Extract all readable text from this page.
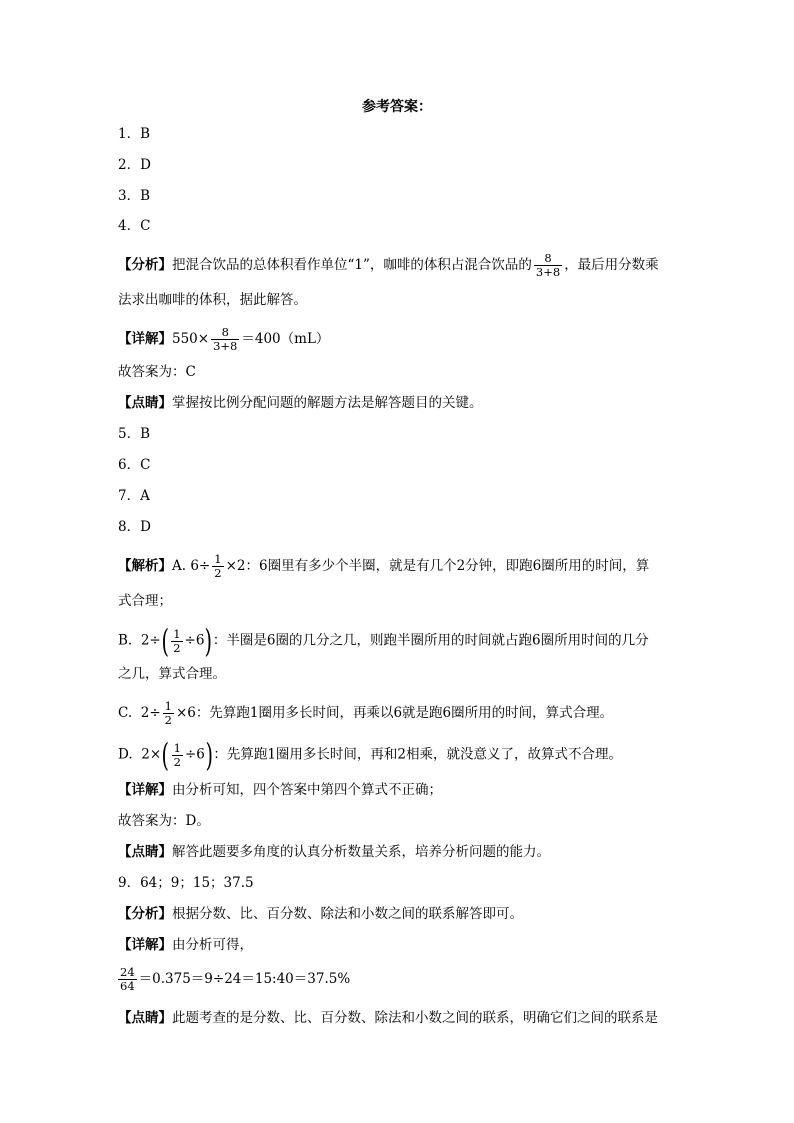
参考答案：
1．B
2．D
3．B
4．C
【分析】把混合饮品的总体积看作单位“1”，咖啡的体积占混合饮品的 $\frac{8}{3+8}$ ，最后用分数乘
法求出咖啡的体积，据此解答。
【详解】$550\times \frac{8}{3+8} =400(mL)$
故答案为：C
【点睛】掌握按比例分配问题的解题方法是解答题目的关键。
5．B
6．C
7．A
8．D
【解析】A. $6\div \frac{1}{2} \times 2$：6圈里有多少个半圈，就是有几个2分钟，即跑6圈所用的时间，算
式合理；
B. $2\div( \frac{1}{2} \div 6)$：半圈是6圈的几分之几，则跑半圈所用的时间就占跑6圈所用时间的几分
之几，算式合理。
C. $2\div \frac{1}{2} \times 6$：先算跑1圈用多长时间，再乘以6就是跑6圈所用的时间，算式合理。
D. $2\times( \frac{1}{2} \div 6)$：先算跑1圈用多长时间，再和2相乘，就没意义了，故算式不合理。
【详解】由分析可知，四个答案中第四个算式不正确；
故答案为：D。
【点睛】解答此题要多角度的认真分析数量关系，培养分析问题的能力。
9．64；9；15；37.5
【分析】根据分数、比、百分数、除法和小数之间的联系解答即可。
【详解】由分析可得，
$\frac{24}{64}$ ＝0.375＝9÷24＝15:40＝37.5%
【点睛】此题考查的是分数、比、百分数、除法和小数之间的联系，明确它们之间的联系是
